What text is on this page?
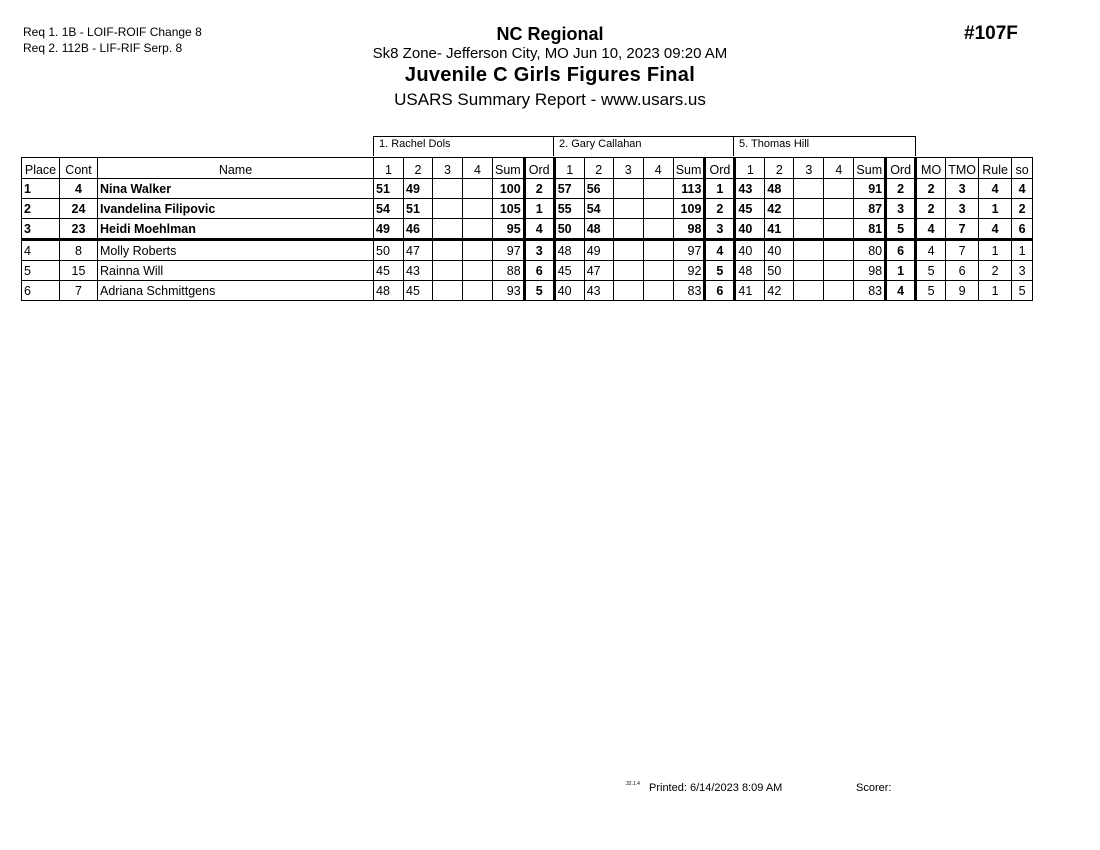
Req 1. 1B - LOIF-ROIF Change 8
Req 2. 112B - LIF-RIF Serp. 8
NC Regional
Sk8 Zone- Jefferson City, MO Jun 10, 2023 09:20 AM
Juvenile C Girls Figures Final
USARS Summary Report - www.usars.us
#107F
1. Rachel Dols	2. Gary Callahan	5. Thomas Hill
Place	Cont	Name	1	2	3	4	Sum	Ord	1	2	3	4	Sum	Ord	1	2	3	4	Sum	Ord	MO	TMO	Rule	so
1	4	Nina Walker	51	49			100	2	57	56			113	1	43	48			91	2	2	3	4	4
2	24	Ivandelina Filipovic	54	51			105	1	55	54			109	2	45	42			87	3	2	3	1	2
3	23	Heidi Moehlman	49	46			95	4	50	48			98	3	40	41			81	5	4	7	4	6
4	8	Molly Roberts	50	47			97	3	48	49			97	4	40	40			80	6	4	7	1	1
5	15	Rainna Will	45	43			88	6	45	47			92	5	48	50			98	1	5	6	2	3
6	7	Adriana Schmittgens	48	45			93	5	40	43			83	6	41	42			83	4	5	9	1	5
32.1.4 Printed: 6/14/2023 8:09 AM	Scorer:
